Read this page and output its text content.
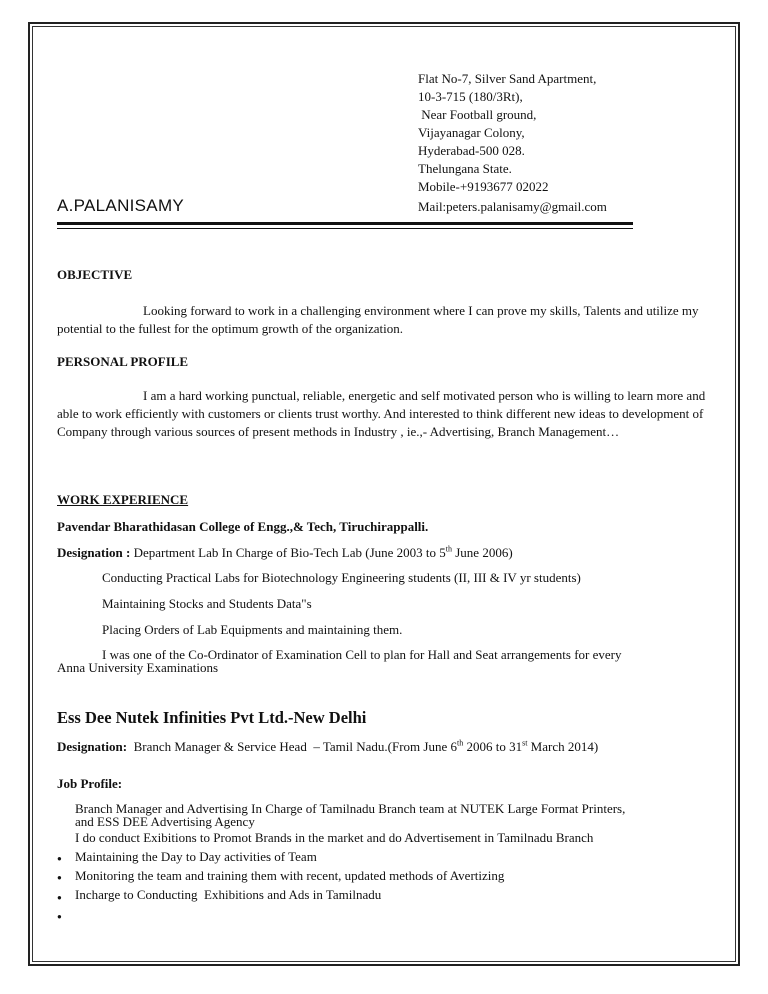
Flat No-7, Silver Sand Apartment,
10-3-715 (180/3Rt),
Near Football ground,
Vijayanagar Colony,
Hyderabad-500 028.
Thelungana State.
Mobile-+9193677 02022
A.PALANISAMY	Mail:peters.palanisamy@gmail.com
OBJECTIVE
Looking forward to work in a challenging environment where I can prove my skills, Talents and utilize my potential to the fullest for the optimum growth of the organization.
PERSONAL PROFILE
I am a hard working punctual, reliable, energetic and self motivated person who is willing to learn more and able to work efficiently with customers or clients trust worthy. And interested to think different new ideas to development of Company through various sources of present methods in Industry , ie.,- Advertising, Branch Management…
WORK EXPERIENCE
Pavendar Bharathidasan College of Engg.,& Tech, Tiruchirappalli.
Designation : Department Lab In Charge of Bio-Tech Lab (June 2003 to 5th June 2006)
Conducting Practical Labs for Biotechnology Engineering students (II, III & IV yr students)
Maintaining Stocks and Students Data"s
Placing Orders of Lab Equipments and maintaining them.
I was one of the Co-Ordinator of Examination Cell to plan for Hall and Seat arrangements for every
Anna University Examinations
Ess Dee Nutek Infinities Pvt Ltd.-New Delhi
Designation:  Branch Manager & Service Head  – Tamil Nadu.(From June 6th 2006 to 31st March 2014)
Job Profile:
Branch Manager and Advertising In Charge of Tamilnadu Branch team at NUTEK Large Format Printers,
and ESS DEE Advertising Agency
I do conduct Exibitions to Promot Brands in the market and do Advertisement in Tamilnadu Branch
● Maintaining the Day to Day activities of Team
● Monitoring the team and training them with recent, updated methods of Avertizing
● Incharge to Conducting  Exhibitions and Ads in Tamilnadu
●
